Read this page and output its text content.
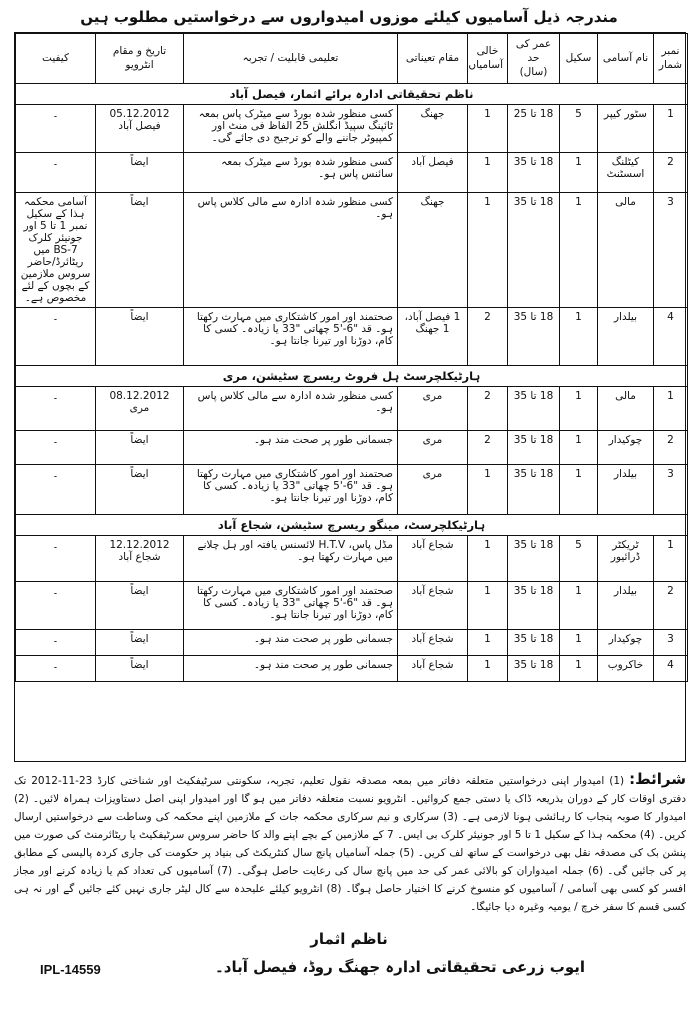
مندرجہ ذیل آسامیوں کیلئے موزوں امیدواروں سے درخواستیں مطلوب ہیں
نمبر شمار	نام آسامی	سکیل	عمر کی حد (سال)	خالی آسامیاں	مقام تعیناتی	تعلیمی قابلیت / تجربہ	تاریخ و مقام انٹرویو	کیفیت
ناظم تحقیقاتی ادارہ برائے اثمار، فیصل آباد								
1	سٹور کیپر	5	18 تا 25	1	جھنگ	کسی منظور شدہ بورڈ سے میٹرک پاس بمعہ ٹائپنگ سپیڈ انگلش 25 الفاظ فی منٹ اور کمپیوٹر جاننے والے کو ترجیح دی جائے گی۔	05.12.2012 فیصل آباد	۔
2	کیٹلنگ اسسٹنٹ	1	18 تا 35	1	فیصل آباد	کسی منظور شدہ بورڈ سے میٹرک بمعہ سائنس پاس ہو۔	ایضاً	۔
3	مالی	1	18 تا 35	1	جھنگ	کسی منظور شدہ ادارہ سے مالی کلاس پاس ہو۔	ایضاً	آسامی محکمہ ہذا کے سکیل نمبر 1 تا 5 اور جونیئر کلرک BS-7 میں ریٹائرڈ/حاضر سروس ملازمین کے بچوں کے لئے مخصوص ہے۔
4	بیلدار	1	18 تا 35	2	1 فیصل آباد، 1 جھنگ	صحتمند اور امور کاشتکاری میں مہارت رکھتا ہو۔ قد "6-'5 چھاتی "33 یا زیادہ۔ کسی کا کام، دوڑنا اور تیرنا جانتا ہو۔	ایضاً	۔
ہارٹیکلچرسٹ ہل فروٹ ریسرچ سٹیشن، مری								
1	مالی	1	18 تا 35	2	مری	کسی منظور شدہ ادارہ سے مالی کلاس پاس ہو۔	08.12.2012 مری	۔
2	چوکیدار	1	18 تا 35	2	مری	جسمانی طور پر صحت مند ہو۔	ایضاً	۔
3	بیلدار	1	18 تا 35	1	مری	صحتمند اور امور کاشتکاری میں مہارت رکھتا ہو۔ قد "6-'5 چھاتی "33 یا زیادہ۔ کسی کا کام، دوڑنا اور تیرنا جانتا ہو۔	ایضاً	۔
ہارٹیکلچرسٹ، مینگو ریسرچ سٹیشن، شجاع آباد								
1	ٹریکٹر ڈرائیور	5	18 تا 35	1	شجاع آباد	مڈل پاس، H.T.V لائسنس یافتہ اور ہل چلانے میں مہارت رکھتا ہو۔	12.12.2012 شجاع آباد	۔
2	بیلدار	1	18 تا 35	1	شجاع آباد	صحتمند اور امور کاشتکاری میں مہارت رکھتا ہو۔ قد "6-'5 چھاتی "33 یا زیادہ۔ کسی کا کام، دوڑنا اور تیرنا جانتا ہو۔	ایضاً	۔
3	چوکیدار	1	18 تا 35	1	شجاع آباد	جسمانی طور پر صحت مند ہو۔	ایضاً	۔
4	خاکروب	1	18 تا 35	1	شجاع آباد	جسمانی طور پر صحت مند ہو۔	ایضاً	۔
شرائط: (1) امیدوار اپنی درخواستیں متعلقہ دفاتر میں بمعہ مصدقہ نقول تعلیم، تجربہ، سکونتی سرٹیفکیٹ اور شناختی کارڈ 23-11-2012 تک دفتری اوقات کار کے دوران بذریعہ ڈاک یا دستی جمع کروائیں۔ انٹرویو نسبت متعلقہ دفاتر میں ہو گا اور امیدوار اپنی اصل دستاویزات ہمراہ لائیں۔ (2) امیدوار کا صوبہ پنجاب کا رہائشی ہونا لازمی ہے۔ (3) سرکاری و نیم سرکاری محکمہ جات کے ملازمین اپنے محکمہ کی وساطت سے درخواستیں ارسال کریں۔ (4) محکمہ ہذا کے سکیل 1 تا 5 اور جونیئر کلرک بی ایس۔ 7 کے ملازمین کے بچے اپنے والد کا حاضر سروس سرٹیفکیٹ یا ریٹائرمنٹ کی صورت میں پنشن بک کی مصدقہ نقل بھی درخواست کے ساتھ لف کریں۔ (5) جملہ آسامیاں پانچ سال کنٹریکٹ کی بنیاد پر حکومت کی جاری کردہ پالیسی کے مطابق پر کی جائیں گی۔ (6) جملہ امیدواران کو بالائی عمر کی حد میں پانچ سال کی رعایت حاصل ہوگی۔ (7) آسامیوں کی تعداد کم یا زیادہ کرنے اور مجاز افسر کو کسی بھی آسامی / آسامیوں کو منسوخ کرنے کا اختیار حاصل ہوگا۔ (8) انٹرویو کیلئے علیحدہ سے کال لیٹر جاری نہیں کئے جائیں گے اور نہ ہی کسی قسم کا سفر خرچ / یومیہ وغیرہ دیا جائیگا۔
ناظم اثمار
ایوب زرعی تحقیقاتی ادارہ جھنگ روڈ، فیصل آباد۔
IPL-14559
